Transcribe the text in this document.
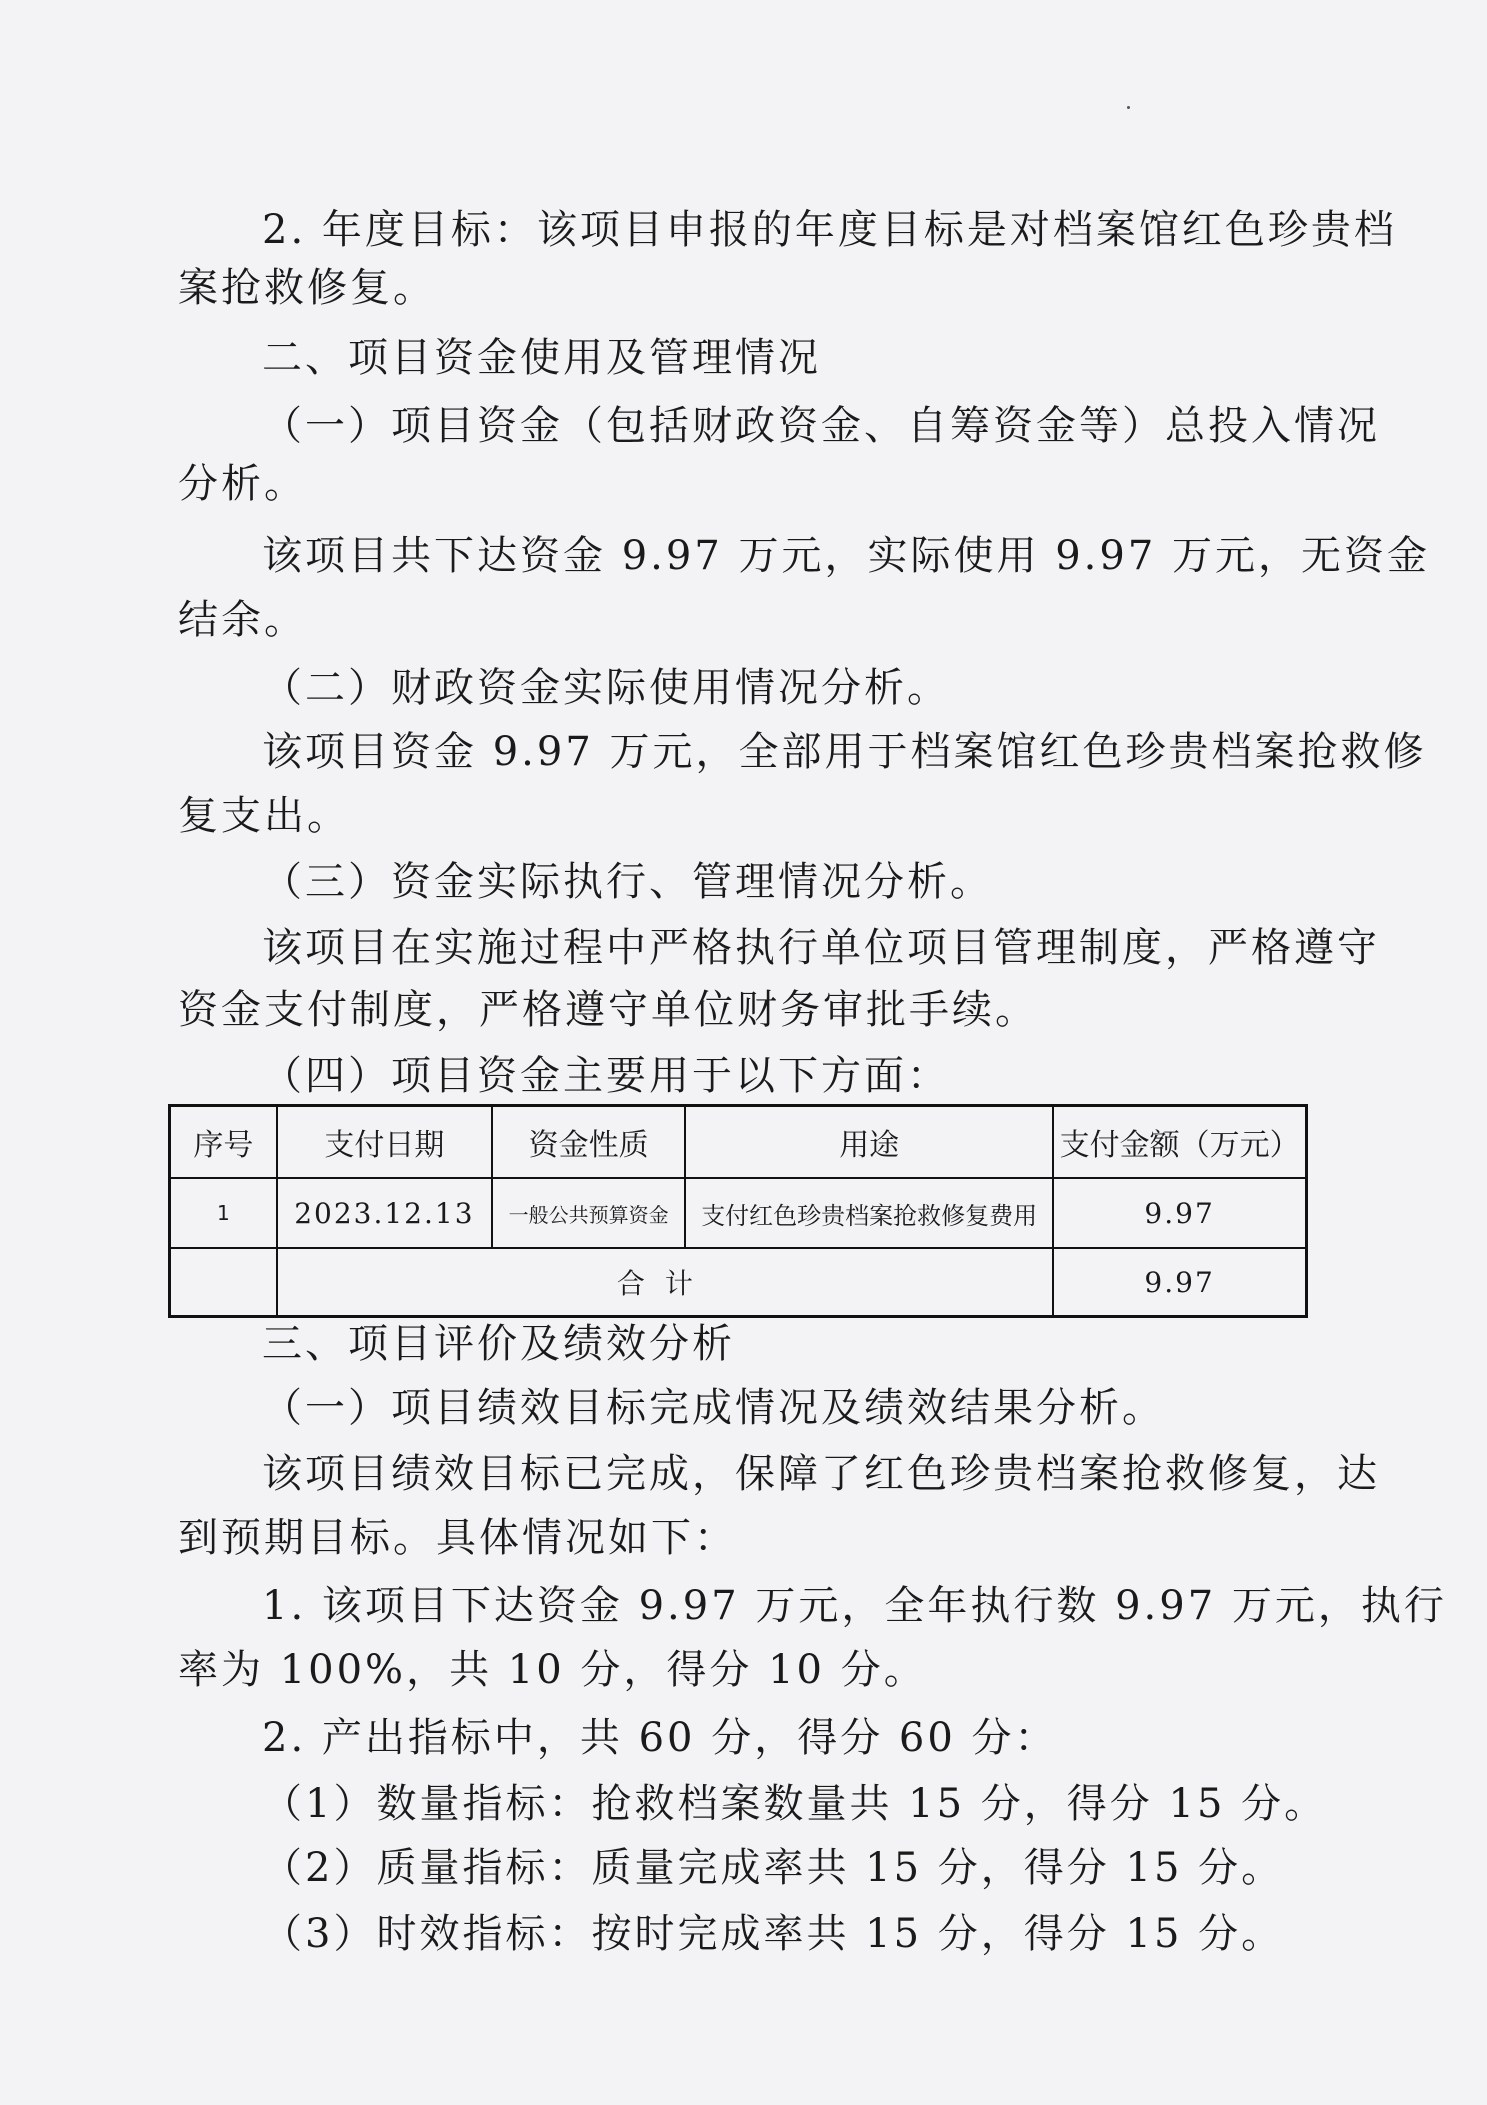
2. 年度目标：该项目申报的年度目标是对档案馆红色珍贵档
案抢救修复。
二、项目资金使用及管理情况
（一）项目资金（包括财政资金、自筹资金等）总投入情况
分析。
该项目共下达资金 9.97 万元，实际使用 9.97 万元，无资金
结余。
（二）财政资金实际使用情况分析。
该项目资金 9.97 万元，全部用于档案馆红色珍贵档案抢救修
复支出。
（三）资金实际执行、管理情况分析。
该项目在实施过程中严格执行单位项目管理制度，严格遵守
资金支付制度，严格遵守单位财务审批手续。
（四）项目资金主要用于以下方面：
序号	支付日期	资金性质	用途	支付金额（万元）
1	2023.12.13	一般公共预算资金	支付红色珍贵档案抢救修复费用	9.97
	合计			9.97
三、项目评价及绩效分析
（一）项目绩效目标完成情况及绩效结果分析。
该项目绩效目标已完成，保障了红色珍贵档案抢救修复，达
到预期目标。具体情况如下：
1. 该项目下达资金 9.97 万元，全年执行数 9.97 万元，执行
率为 100%，共 10 分，得分 10 分。
2. 产出指标中，共 60 分，得分 60 分：
（1）数量指标：抢救档案数量共 15 分，得分 15 分。
（2）质量指标：质量完成率共 15 分，得分 15 分。
（3）时效指标：按时完成率共 15 分，得分 15 分。
